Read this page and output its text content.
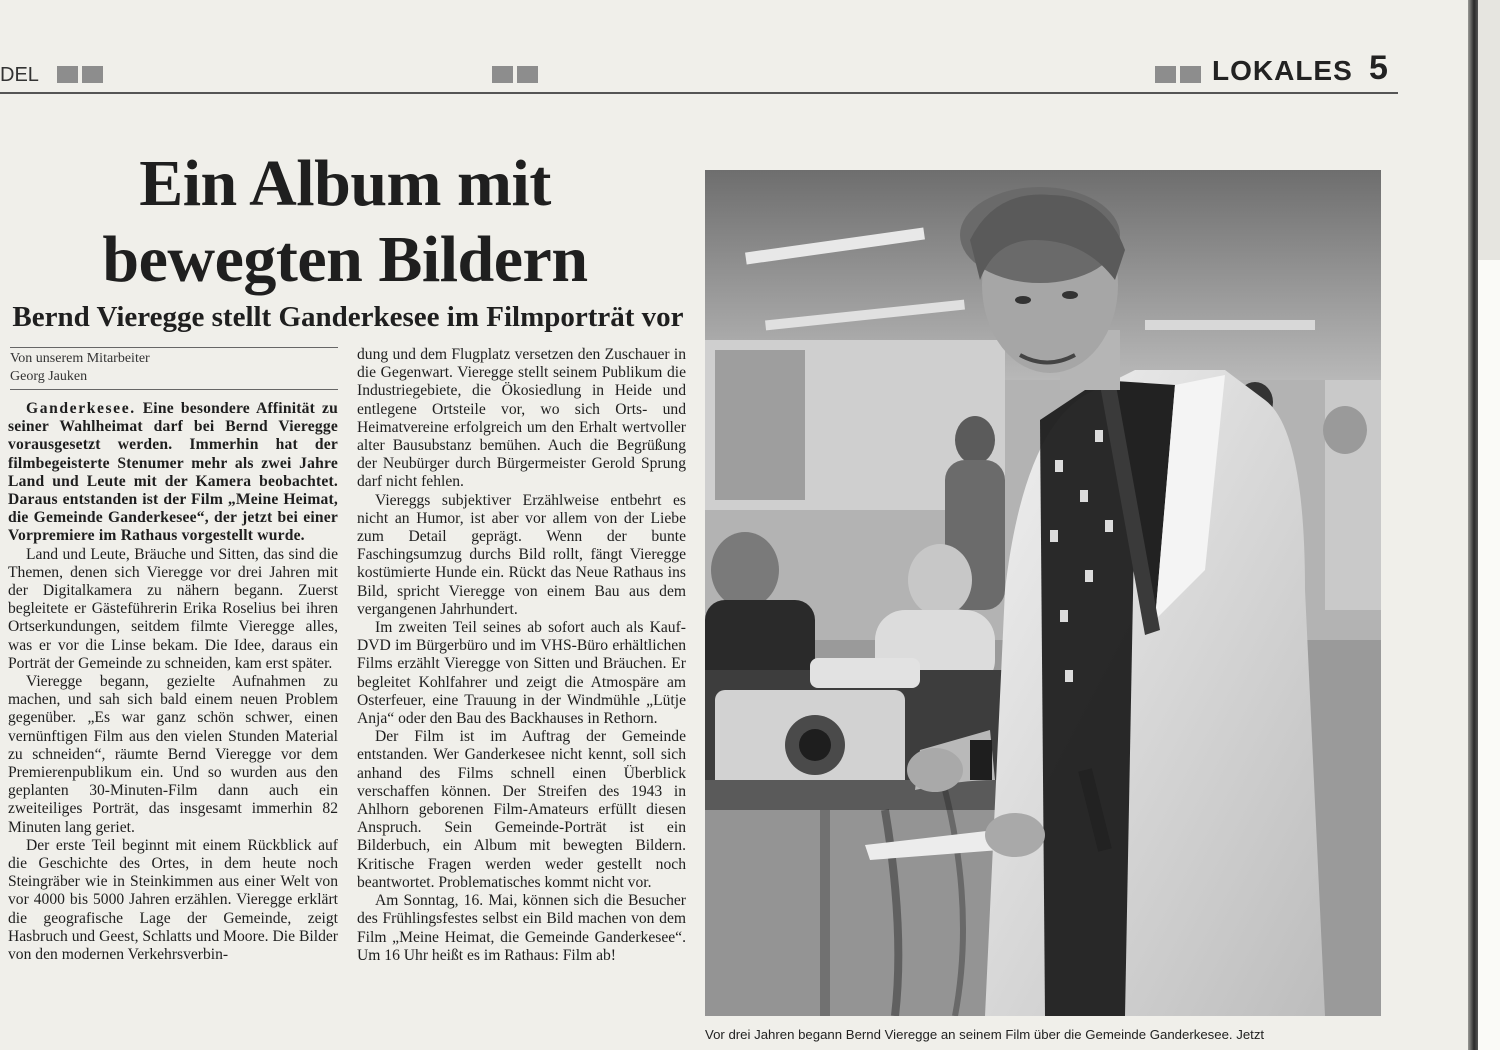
DEL	LOKALES 5
Ein Album mit
bewegten Bildern
Bernd Vieregge stellt Ganderkesee im Filmporträt vor
Von unserem Mitarbeiter
Georg Jauken

Ganderkesee. Eine besondere Affinität zu seiner Wahlheimat darf bei Bernd Vieregge vorausgesetzt werden. Immerhin hat der filmbegeisterte Stenumer mehr als zwei Jahre Land und Leute mit der Kamera beobachtet. Daraus entstanden ist der Film „Meine Heimat, die Gemeinde Ganderkesee“, der jetzt bei einer Vorpremiere im Rathaus vorgestellt wurde.

Land und Leute, Bräuche und Sitten, das sind die Themen, denen sich Vieregge vor drei Jahren mit der Digitalkamera zu nähern begann. Zuerst begleitete er Gästeführerin Erika Roselius bei ihren Ortserkundungen, seitdem filmte Vieregge alles, was er vor die Linse bekam. Die Idee, daraus ein Porträt der Gemeinde zu schneiden, kam erst später.

Vieregge begann, gezielte Aufnahmen zu machen, und sah sich bald einem neuen Problem gegenüber. „Es war ganz schön schwer, einen vernünftigen Film aus den vielen Stunden Material zu schneiden“, räumte Bernd Vieregge vor dem Premierenpublikum ein. Und so wurden aus den geplanten 30-Minuten-Film dann auch ein zweiteiliges Porträt, das insgesamt immerhin 82 Minuten lang geriet.

Der erste Teil beginnt mit einem Rückblick auf die Geschichte des Ortes, in dem heute noch Steingräber wie in Steinkimmen aus einer Welt von vor 4000 bis 5000 Jahren erzählen. Vieregge erklärt die geografische Lage der Gemeinde, zeigt Hasbruch und Geest, Schlatts und Moore. Die Bilder von den modernen Verkehrsverbin-

dung und dem Flugplatz versetzen den Zuschauer in die Gegenwart. Vieregge stellt seinem Publikum die Industriegebiete, die Ökosiedlung in Heide und entlegene Ortsteile vor, wo sich Orts- und Heimatvereine erfolgreich um den Erhalt wertvoller alter Bausubstanz bemühen. Auch die Begrüßung der Neubürger durch Bürgermeister Gerold Sprung darf nicht fehlen.

Viereggs subjektiver Erzählweise entbehrt es nicht an Humor, ist aber vor allem von der Liebe zum Detail geprägt. Wenn der bunte Faschingsumzug durchs Bild rollt, fängt Vieregge kostümierte Hunde ein. Rückt das Neue Rathaus ins Bild, spricht Vieregge von einem Bau aus dem vergangenen Jahrhundert.

Im zweiten Teil seines ab sofort auch als Kauf-DVD im Bürgerbüro und im VHS-Büro erhältlichen Films erzählt Vieregge von Sitten und Bräuchen. Er begleitet Kohlfahrer und zeigt die Atmospäre am Osterfeuer, eine Trauung in der Windmühle „Lütje Anja“ oder den Bau des Backhauses in Rethorn.

Der Film ist im Auftrag der Gemeinde entstanden. Wer Ganderkesee nicht kennt, soll sich anhand des Films schnell einen Überblick verschaffen können. Der Streifen des 1943 in Ahlhorn geborenen Film-Amateurs erfüllt diesen Anspruch. Sein Gemeinde-Porträt ist ein Bilderbuch, ein Album mit bewegten Bildern. Kritische Fragen werden weder gestellt noch beantwortet. Problematisches kommt nicht vor.

Am Sonntag, 16. Mai, können sich die Besucher des Frühlingsfestes selbst ein Bild machen von dem Film „Meine Heimat, die Gemeinde Ganderkesee“. Um 16 Uhr heißt es im Rathaus: Film ab!

Vor drei Jahren begann Bernd Vieregge an seinem Film über die Gemeinde Ganderkesee. Jetzt
